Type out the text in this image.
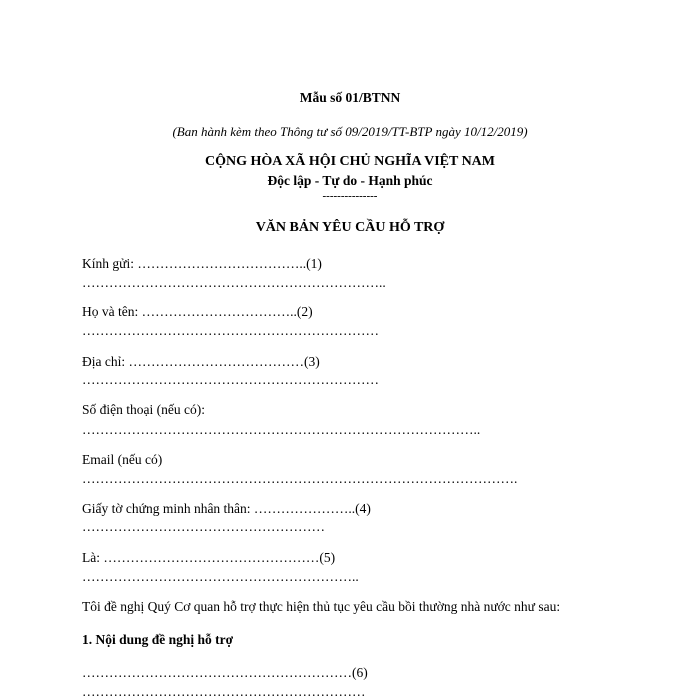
Mẫu số 01/BTNN
(Ban hành kèm theo Thông tư số 09/2019/TT-BTP ngày 10/12/2019)
CỘNG HÒA XÃ HỘI CHỦ NGHĨA VIỆT NAM
Độc lập - Tự do - Hạnh phúc
---------------
VĂN BẢN YÊU CẦU HỖ TRỢ
Kính gửi: ………………………………..(1)
…………………………………………………………..
Họ và tên: ……………………………..(2)
…………………………………………………………
Địa chỉ: …………………………………(3)
…………………………………………………………
Số điện thoại (nếu có):
……………………………………………………………………………..
Email (nếu có)
…………………………………………………………………………………….
Giấy tờ chứng minh nhân thân: …………………..(4)
………………………………………………
Là: …………………………………………(5)
……………………………………………………..
Tôi đề nghị Quý Cơ quan hỗ trợ thực hiện thủ tục yêu cầu bồi thường nhà nước như sau:
1. Nội dung đề nghị hỗ trợ
……………………………………………………(6)
………………………………………………………
